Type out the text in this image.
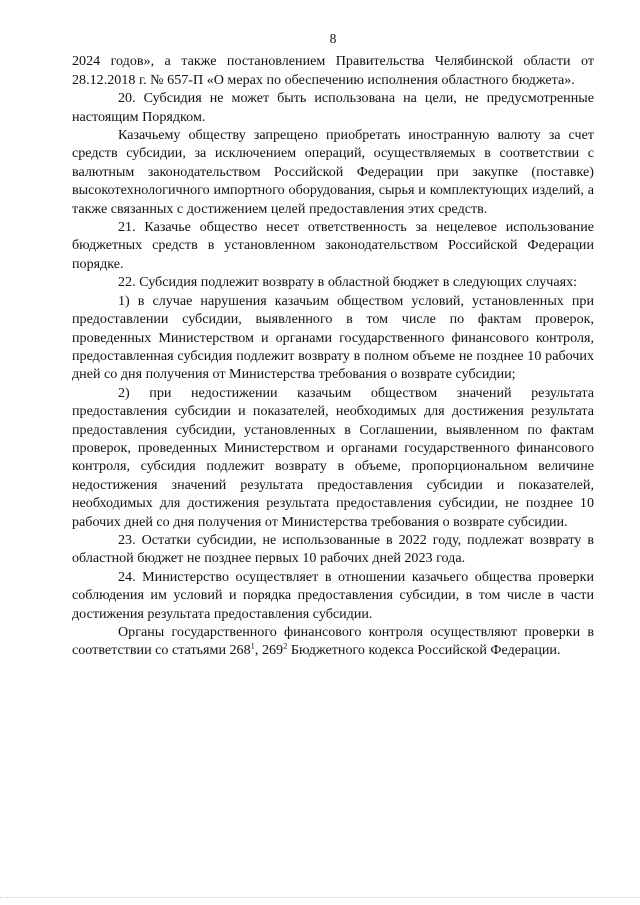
8

2024 годов», а также постановлением Правительства Челябинской области от 28.12.2018 г. № 657-П «О мерах по обеспечению исполнения областного бюджета».

20. Субсидия не может быть использована на цели, не предусмотренные настоящим Порядком.

Казачьему обществу запрещено приобретать иностранную валюту за счет средств субсидии, за исключением операций, осуществляемых в соответствии с валютным законодательством Российской Федерации при закупке (поставке) высокотехнологичного импортного оборудования, сырья и комплектующих изделий, а также связанных с достижением целей предоставления этих средств.

21. Казачье общество несет ответственность за нецелевое использование бюджетных средств в установленном законодательством Российской Федерации порядке.

22. Субсидия подлежит возврату в областной бюджет в следующих случаях:

1) в случае нарушения казачьим обществом условий, установленных при предоставлении субсидии, выявленного в том числе по фактам проверок, проведенных Министерством и органами государственного финансового контроля, предоставленная субсидия подлежит возврату в полном объеме не позднее 10 рабочих дней со дня получения от Министерства требования о возврате субсидии;

2) при недостижении казачьим обществом значений результата предоставления субсидии и показателей, необходимых для достижения результата предоставления субсидии, установленных в Соглашении, выявленном по фактам проверок, проведенных Министерством и органами государственного финансового контроля, субсидия подлежит возврату в объеме, пропорциональном величине недостижения значений результата предоставления субсидии и показателей, необходимых для достижения результата предоставления субсидии, не позднее 10 рабочих дней со дня получения от Министерства требования о возврате субсидии.

23. Остатки субсидии, не использованные в 2022 году, подлежат возврату в областной бюджет не позднее первых 10 рабочих дней 2023 года.

24. Министерство осуществляет в отношении казачьего общества проверки соблюдения им условий и порядка предоставления субсидии, в том числе в части достижения результата предоставления субсидии.

Органы государственного финансового контроля осуществляют проверки в соответствии со статьями $268^1$, $269^2$ Бюджетного кодекса Российской Федерации.
